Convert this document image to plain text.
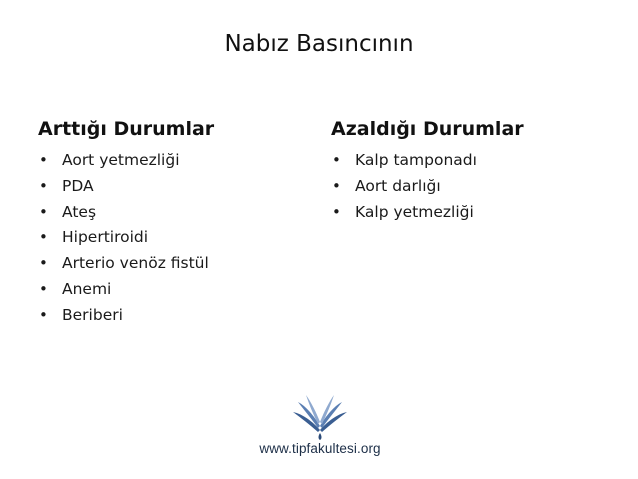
Nabız Basıncının
Arttığı Durumlar
• Aort yetmezliği
• PDA
• Ateş
• Hipertiroidi
• Arterio venöz fistül
• Anemi
• Beriberi
Azaldığı Durumlar
• Kalp tamponadı
• Aort darlığı
• Kalp yetmezliği
www.tipfakultesi.org
